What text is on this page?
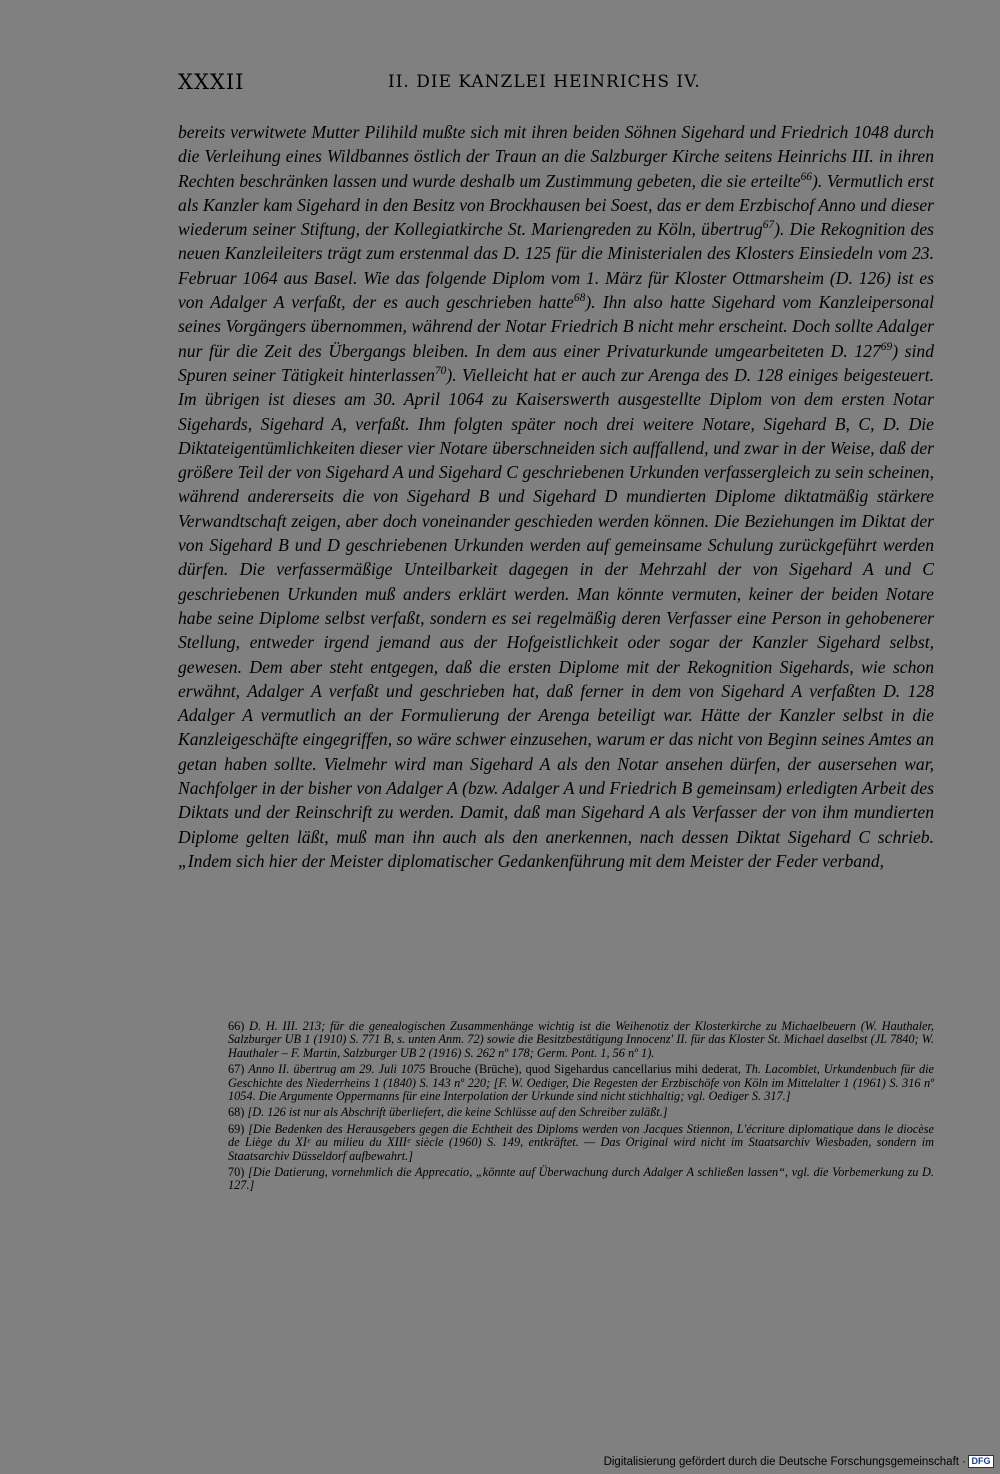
XXXII	II. DIE KANZLEI HEINRICHS IV.

bereits verwitwete Mutter Pilihild mußte sich mit ihren beiden Söhnen Sigehard und Friedrich 1048 durch die Verleihung eines Wildbannes östlich der Traun an die Salzburger Kirche seitens Heinrichs III. in ihren Rechten beschränken lassen und wurde deshalb um Zustimmung gebeten, die sie erteilte$^{66}$). Vermutlich erst als Kanzler kam Sigehard in den Besitz von Brockhausen bei Soest, das er dem Erzbischof Anno und dieser wiederum seiner Stiftung, der Kollegiatkirche St. Mariengreden zu Köln, übertrug$^{67}$). Die Rekognition des neuen Kanzleileiters trägt zum erstenmal das D. 125 für die Ministerialen des Klosters Einsiedeln vom 23. Februar 1064 aus Basel. Wie das folgende Diplom vom 1. März für Kloster Ottmarsheim (D. 126) ist es von Adalger A verfaßt, der es auch geschrieben hatte$^{68}$). Ihn also hatte Sigehard vom Kanzleipersonal seines Vorgängers übernommen, während der Notar Friedrich B nicht mehr erscheint. Doch sollte Adalger nur für die Zeit des Übergangs bleiben. In dem aus einer Privaturkunde umgearbeiteten D. $127^{69}$) sind Spuren seiner Tätigkeit hinterlassen$^{70}$). Vielleicht hat er auch zur Arenga des D. 128 einiges beigesteuert. Im übrigen ist dieses am 30. April 1064 zu Kaiserswerth ausgestellte Diplom von dem ersten Notar Sigehards, Sigehard A, verfaßt. Ihm folgten später noch drei weitere Notare, Sigehard B, C, D. Die Diktateigentümlichkeiten dieser vier Notare überschneiden sich auffallend, und zwar in der Weise, daß der größere Teil der von Sigehard A und Sigehard C geschriebenen Urkunden verfassergleich zu sein scheinen, während andererseits die von Sigehard B und Sigehard D mundierten Diplome diktatmäßig stärkere Verwandtschaft zeigen, aber doch voneinander geschieden werden können. Die Beziehungen im Diktat der von Sigehard B und D geschriebenen Urkunden werden auf gemeinsame Schulung zurückgeführt werden dürfen. Die verfassermäßige Unteilbarkeit dagegen in der Mehrzahl der von Sigehard A und C geschriebenen Urkunden muß anders erklärt werden. Man könnte vermuten, keiner der beiden Notare habe seine Diplome selbst verfaßt, sondern es sei regelmäßig deren Verfasser eine Person in gehobenerer Stellung, entweder irgend jemand aus der Hofgeistlichkeit oder sogar der Kanzler Sigehard selbst, gewesen. Dem aber steht entgegen, daß die ersten Diplome mit der Rekognition Sigehards, wie schon erwähnt, Adalger A verfaßt und geschrieben hat, daß ferner in dem von Sigehard A verfaßten D. 128 Adalger A vermutlich an der Formulierung der Arenga beteiligt war. Hätte der Kanzler selbst in die Kanzleigeschäfte eingegriffen, so wäre schwer einzusehen, warum er das nicht von Beginn seines Amtes an getan haben sollte. Vielmehr wird man Sigehard A als den Notar ansehen dürfen, der ausersehen war, Nachfolger in der bisher von Adalger A (bzw. Adalger A und Friedrich B gemeinsam) erledigten Arbeit des Diktats und der Reinschrift zu werden. Damit, daß man Sigehard A als Verfasser der von ihm mundierten Diplome gelten läßt, muß man ihn auch als den anerkennen, nach dessen Diktat Sigehard C schrieb. „Indem sich hier der Meister diplomatischer Gedankenführung mit dem Meister der Feder verband,

66) D. H. III. 213; für die genealogischen Zusammenhänge wichtig ist die Weihenotiz der Klosterkirche zu Michaelbeuern (W. Hauthaler, Salzburger UB 1 (1910) S. 771 B, s. unten Anm. 72) sowie die Besitzbestätigung Innocenz' II. für das Kloster St. Michael daselbst (JL 7840; W. Hauthaler – F. Martin, Salzburger UB 2 (1916) S. 262 nº 178; Germ. Pont. 1, 56 nº 1).

67) Anno II. übertrug am 29. Juli 1075 Brouche (Brūche), quod Sigehardus cancellarius mihi dederat, Th. Lacomblet, Urkundenbuch für die Geschichte des Niederrheins 1 (1840) S. 143 nº 220; [F. W. Oediger, Die Regesten der Erzbischöfe von Köln im Mittelalter 1 (1961) S. 316 nº 1054. Die Argumente Oppermanns für eine Interpolation der Urkunde sind nicht stichhaltig; vgl. Oediger S. 317.]

68) [D. 126 ist nur als Abschrift überliefert, die keine Schlüsse auf den Schreiber zuläßt.]

69) [Die Bedenken des Herausgebers gegen die Echtheit des Diploms werden von Jacques Stiennon, L'écriture diplomatique dans le diocèse de Liège du XIᵉ au milieu du XIIIᵉ siècle (1960) S. 149, entkräftet. — Das Original wird nicht im Staatsarchiv Wiesbaden, sondern im Staatsarchiv Düsseldorf aufbewahrt.]

70) [Die Datierung, vornehmlich die Apprecatio, „könnte auf Überwachung durch Adalger A schließen lassen“, vgl. die Vorbemerkung zu D. 127.]

Digitalisierung gefördert durch die Deutsche Forschungsgemeinschaft · DFG
